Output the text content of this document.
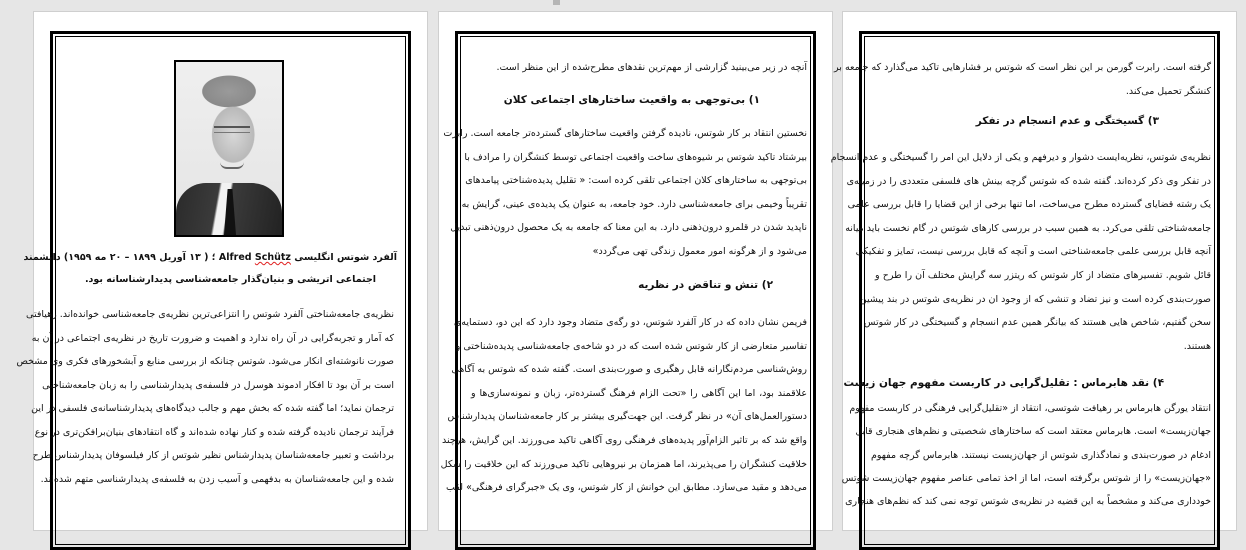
آلفرد شوتس انگلیسی Alfred Schütz ؛ ( ۱۳ آوریل ۱۸۹۹ – ۲۰ مه ۱۹۵۹) دانشمند
اجتماعی اتریشی و بنیان‌گذار جامعه‌شناسی پدیدارشناسانه بود.
نظریه‌ی جامعه‌شناختی آلفرد شوتس را انتزاعی‌ترین نظریه‌ی جامعه‌شناسی خوانده‌اند. رهیافتی
که آمار و تجربه‌گرایی در آن راه ندارد و اهمیت و ضرورت تاریخ در نظریه‌ی اجتماعی در آن به
صورت نانوشته‌ای انکار می‌شود. شوتس چنانکه از بررسی منابع و آبشخورهای فکری وی مشخص
است بر آن بود تا افکار ادموند هوسرل در فلسفه‌ی پدیدارشناسی را به زبان جامعه‌شناختی
ترجمان نماید؛ اما گفته شده که بخش مهم و جالب دیدگاه‌های پدیدارشناسانه‌ی فلسفی در این
فرآیند ترجمان نادیده گرفته شده و کنار نهاده شده‌اند و گاه انتقادهای بنیان‌برافکن‌تری در نوع
برداشت و تعبیر جامعه‌شناسان پدیدارشناس نظیر شوتس از کار فیلسوفان پدیدارشناس طرح
شده و این جامعه‌شناسان به بدفهمی و آسیب زدن به فلسفه‌ی پدیدارشناسی متهم شده‌اند.
آنچه در زیر می‌بینید گزارشی از مهم‌ترین نقدهای مطرح‌شده از این منظر است.
۱) بی‌توجهی به واقعیت ساختارهای اجتماعی کلان
نخستین انتقاد بر کار شوتس، نادیده گرفتن واقعیت ساختارهای گسترده‌تر جامعه است. رابرت
بیرشتاد تاکید شوتس بر شیوه‌های ساخت واقعیت اجتماعی توسط کنشگران را مرادف با
بی‌توجهی به ساختارهای کلان اجتماعی تلقی کرده است: « تقلیل پدیده‌شناختی پیامدهای
تقریباً وخیمی برای جامعه‌شناسی دارد. خود جامعه، به عنوان یک پدیده‌ی عینی، گرایش به
ناپدید شدن در قلمرو درون‌ذهنی دارد. به این معنا که جامعه به یک محصول درون‌ذهنی تبدیل
می‌شود و از هرگونه امور معمول زندگی تهی می‌گردد»
۲) تنش و تناقض در نظریه
فریمن نشان داده که در کار آلفرد شوتس، دو رگه‌ی متضاد وجود دارد که این دو، دستمایه‌ی
تفاسیر متعارضی از کار شوتس شده است که در دو شاخه‌ی جامعه‌شناسی پدیده‌شناختی و
روش‌شناسی مردم‌نگارانه قابل رهگیری و صورت‌بندی است. گفته شده که شوتس به آگاهی
علاقمند بود، اما این آگاهی را «تحت الزام فرهنگ گسترده‌تر، زبان و نمونه‌سازی‌ها و
دستورالعمل‌های آن» در نظر گرفت. این جهت‌گیری بیشتر بر کار جامعه‌شناسان پدیدارشناس
واقع شد که بر تاثیر الزام‌آور پدیده‌های فرهنگی روی آگاهی تاکید می‌ورزند. این گرایش، هرچند
خلاقیت کنشگران را می‌پذیرند، اما همزمان بر نیروهایی تاکید می‌ورزند که این خلاقیت را شکل
می‌دهد و مقید می‌سازد. مطابق این خوانش از کار شوتس، وی یک «جبرگرای فرهنگی» لقب
گرفته است. رابرت گورمن بر این نظر است که شوتس بر فشارهایی تاکید می‌گذارد که جامعه بر
کنشگر تحمیل می‌کند.
۳) گسیختگی و عدم انسجام در تفکر
نظریه‌ی شوتس، نظریه‌ایست دشوار و دیرفهم و یکی از دلایل این امر را گسیختگی و عدم انسجام
در تفکر وی ذکر کرده‌اند. گفته شده که شوتس گرچه بینش های فلسفی متعددی را در زمینه‌ی
یک رشته قضایای گسترده مطرح می‌ساخت، اما تنها برخی از این قضایا را قابل بررسی علمی
جامعه‌شناختی تلقی می‌کرد. به همین سبب در بررسی کارهای شوتس در گام نخست باید میانه
آنچه قابل بررسی علمی جامعه‌شناختی است و آنچه که قابل بررسی نیست، تمایز و تفکیکی
قائل شویم. تفسیرهای متضاد از کار شوتس که ریتزر سه گرایش مختلف آن را طرح و
صورت‌بندی کرده است و نیز تضاد و تنشی که از وجود ان در نظریه‌ی شوتس در بند پیشین
سخن گفتیم، شاخص هایی هستند که بیانگر همین عدم انسجام و گسیختگی در کار شوتس
هستند.
۴) نقد هابرماس : تقلیل‌گرایی در کاربست مفهوم جهان زیست
انتقاد یورگن هابرماس بر رهیافت شوتسی، انتقاد از «تقلیل‌گرایی فرهنگی در کاربست مفهوم
جهان‌زیست» است. هابرماس معتقد است که ساختارهای شخصیتی و نظم‌های هنجاری قابل
ادغام در صورت‌بندی و نمادگذاری شوتس از جهان‌زیست نیستند. هابرماس گرچه مفهوم
«جهان‌زیست» را از شوتس برگرفته است، اما از اخذ تمامی عناصر مفهوم جهان‌زیست شوتس
خودداری می‌کند و مشخصاً به این قضیه در نظریه‌ی شوتس توجه نمی کند که نظم‌های هنجاری
